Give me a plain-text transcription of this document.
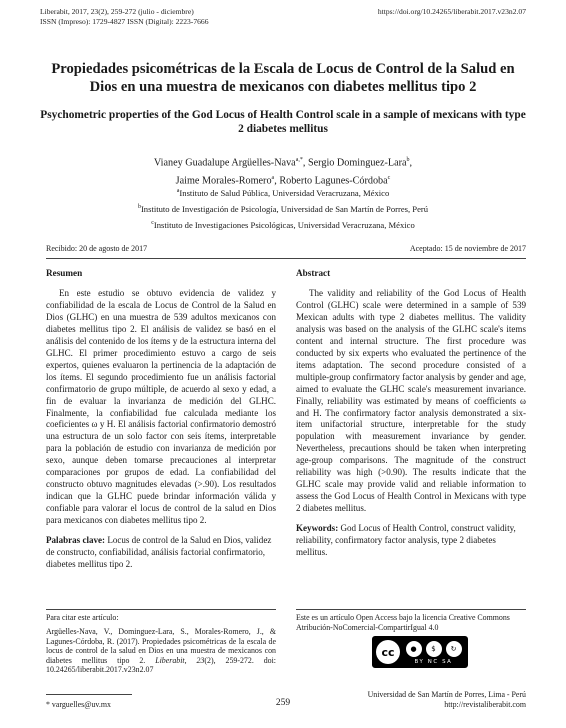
Liberabit, 2017, 23(2), 259-272 (julio - diciembre)
ISSN (Impreso): 1729-4827 ISSN (Digital): 2223-7666
https://doi.org/10.24265/liberabit.2017.v23n2.07
Propiedades psicométricas de la Escala de Locus de Control de la Salud en Dios en una muestra de mexicanos con diabetes mellitus tipo 2
Psychometric properties of the God Locus of Health Control scale in a sample of mexicans with type 2 diabetes mellitus
Vianey Guadalupe Argüelles-Nava$^{a,*}$, Sergio Dominguez-Lara$^b$,
Jaime Morales-Romero$^a$, Roberto Lagunes-Córdoba$^c$
$^a$Instituto de Salud Pública, Universidad Veracruzana, México
$^b$Instituto de Investigación de Psicología, Universidad de San Martín de Porres, Perú
$^c$Instituto de Investigaciones Psicológicas, Universidad Veracruzana, México
Recibido: 20 de agosto de 2017	Aceptado: 15 de noviembre de 2017
Resumen

En este estudio se obtuvo evidencia de validez y confiabilidad de la escala de Locus de Control de la Salud en Dios (GLHC) en una muestra de 539 adultos mexicanos con diabetes mellitus tipo 2. El análisis de validez se basó en el análisis del contenido de los ítems y de la estructura interna del GLHC. El primer procedimiento estuvo a cargo de seis expertos, quienes evaluaron la pertinencia de la adaptación de los ítems. El segundo procedimiento fue un análisis factorial confirmatorio de grupo múltiple, de acuerdo al sexo y edad, a fin de evaluar la invarianza de medición del GLHC. Finalmente, la confiabilidad fue calculada mediante los coeficientes ω y H. El análisis factorial confirmatorio demostró una estructura de un solo factor con seis ítems, interpretable para la población de estudio con invarianza de medición por sexo, aunque deben tomarse precauciones al interpretar comparaciones por grupos de edad. La confiabilidad del constructo obtuvo magnitudes elevadas (>.90). Los resultados indican que la GLHC puede brindar información válida y confiable para valorar el locus de control de la salud en Dios para mexicanos con diabetes mellitus tipo 2.

Palabras clave: Locus de control de la Salud en Dios, validez de constructo, confiabilidad, análisis factorial confirmatorio, diabetes mellitus tipo 2.
Abstract

The validity and reliability of the God Locus of Health Control (GLHC) scale were determined in a sample of 539 Mexican adults with type 2 diabetes mellitus. The validity analysis was based on the analysis of the GLHC scale's items content and internal structure. The first procedure was conducted by six experts who evaluated the pertinence of the items adaptation. The second procedure consisted of a multiple-group confirmatory factor analysis by gender and age, aimed to evaluate the GLHC scale's measurement invariance. Finally, reliability was estimated by means of coefficients ω and H. The confirmatory factor analysis demonstrated a six-item unifactorial structure, interpretable for the study population with measurement invariance by gender. Nevertheless, precautions should be taken when interpreting age-group comparisons. The magnitude of the construct reliability was high (>0.90). The results indicate that the GLHC scale may provide valid and reliable information to assess the God Locus of Health Control in Mexicans with type 2 diabetes mellitus.

Keywords: God Locus of Health Control, construct validity, reliability, confirmatory factor analysis, type 2 diabetes mellitus.
Para citar este artículo:
Argüelles-Nava, V., Dominguez-Lara, S., Morales-Romero, J., & Lagunes-Córdoba, R. (2017). Propiedades psicométricas de la escala de locus de control de la salud en Dios en una muestra de mexicanos con diabetes mellitus tipo 2. Liberabit, 23(2), 259-272. doi: 10.24265/liberabit.2017.v23n2.07
Este es un artículo Open Access bajo la licencia Creative Commons
Atribución-NoComercial-CompartirIgual 4.0
cc	●	$	↻
BY NC SA
* varguelles@uv.mx	259
Universidad de San Martín de Porres, Lima - Perú
http://revistaliberabit.com
